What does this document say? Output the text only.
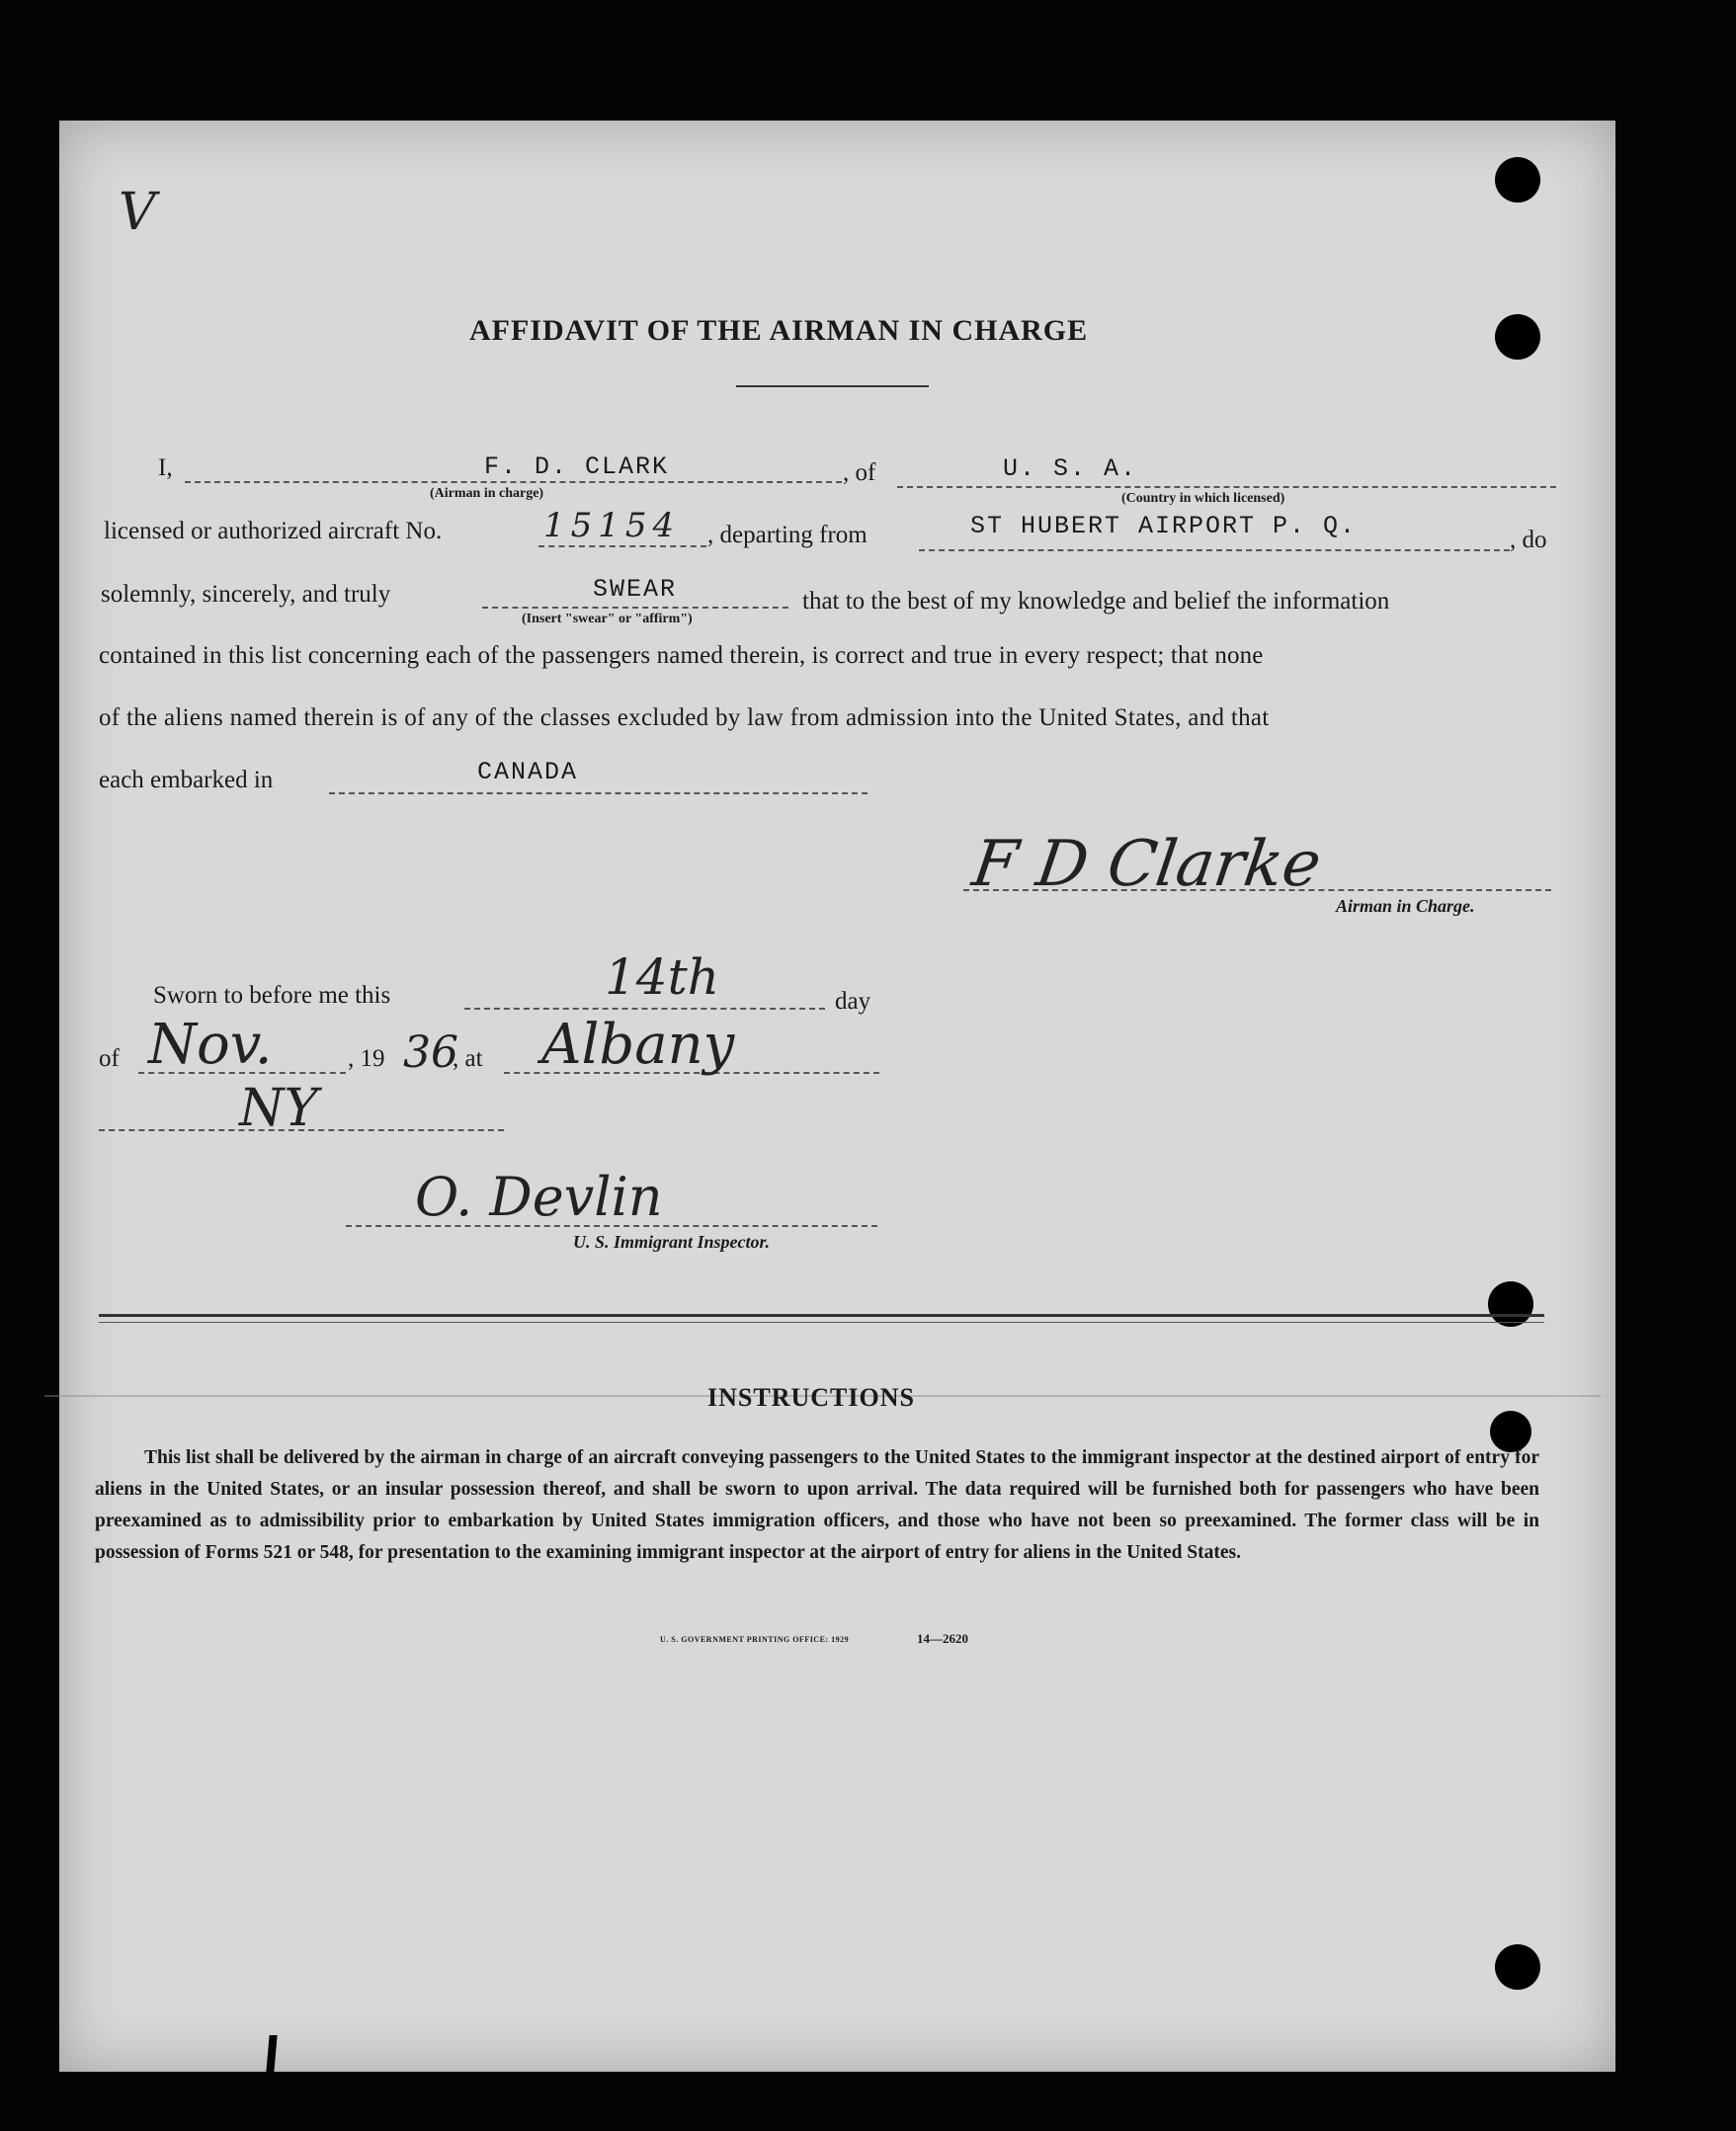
V
AFFIDAVIT OF THE AIRMAN IN CHARGE
I,	F. D. CLARK
(Airman in charge)
, of	U. S. A.
(Country in which licensed)
licensed or authorized aircraft No.	15154 , departing from	ST HUBERT AIRPORT P. Q.	, do
solemnly, sincerely, and truly	SWEAR
(Insert "swear" or "affirm")
that to the best of my knowledge and belief the information
contained in this list concerning each of the passengers named therein, is correct and true in every respect; that none
of the aliens named therein is of any of the classes excluded by law from admission into the United States, and that
each embarked in	CANADA
F D Clarke
Airman in Charge.
Sworn to before me this	14th	day
of Nov.	, 19 36
, at Albany
NY
O. Devlin
U. S. Immigrant Inspector.
INSTRUCTIONS
This list shall be delivered by the airman in charge of an aircraft conveying passengers to the United States to the immigrant inspector at the destined airport of entry for aliens in the United States, or an insular possession thereof, and shall be sworn to upon arrival. The data required will be furnished both for passengers who have been preexamined as to admissibility prior to embarkation by United States immigration officers, and those who have not been so preexamined. The former class will be in possession of Forms 521 or 548, for presentation to the examining immigrant inspector at the airport of entry for aliens in the United States.
U. S. GOVERNMENT PRINTING OFFICE: 1929	14—2620
